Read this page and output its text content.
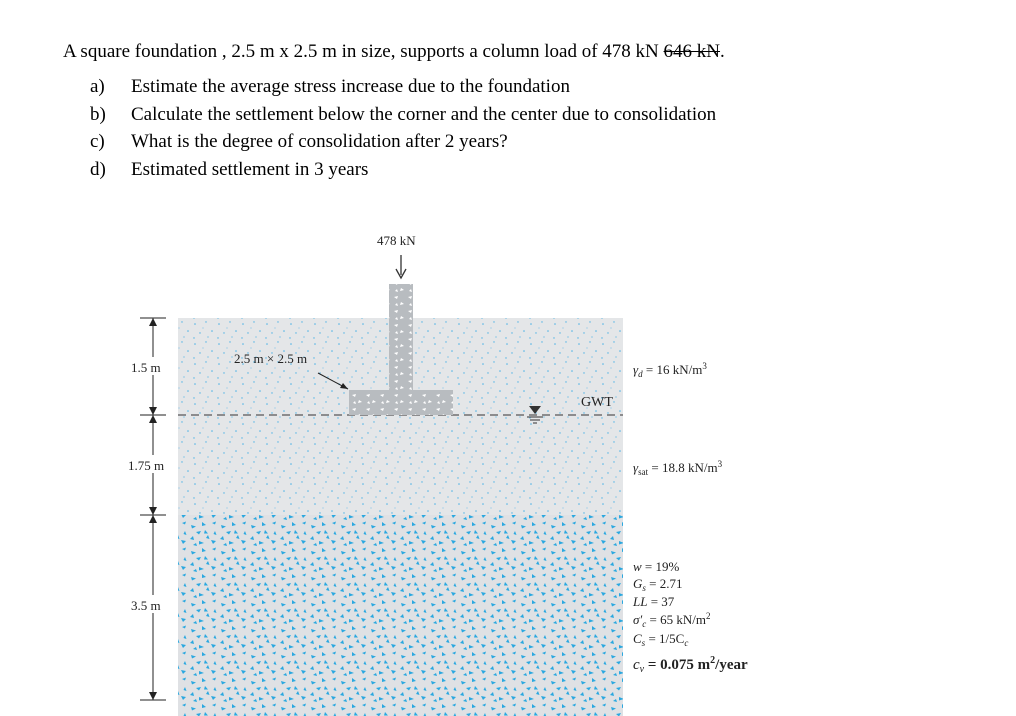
A square foundation , 2.5 m x 2.5 m in size, supports a column load of 478 kN 646 kN.

a) Estimate the average stress increase due to the foundation
b) Calculate the settlement below the corner and the center due to consolidation
c) What is the degree of consolidation after 2 years?
d) Estimated settlement in 3 years
GWT
478 kN
2.5 m × 2.5 m
1.5 m
1.75 m
3.5 m
$\gamma_d = 16$ $kN/m^3$
$\gamma_{sat} = 18.8$ $kN/m^3$
w = 19%
$G_s = 2.71$
LL = 37
$\sigma'_c = 65$ $kN/m^2$
$C_s = 1/5C_c$
$c_v = 0.075$ $m^2$/year
